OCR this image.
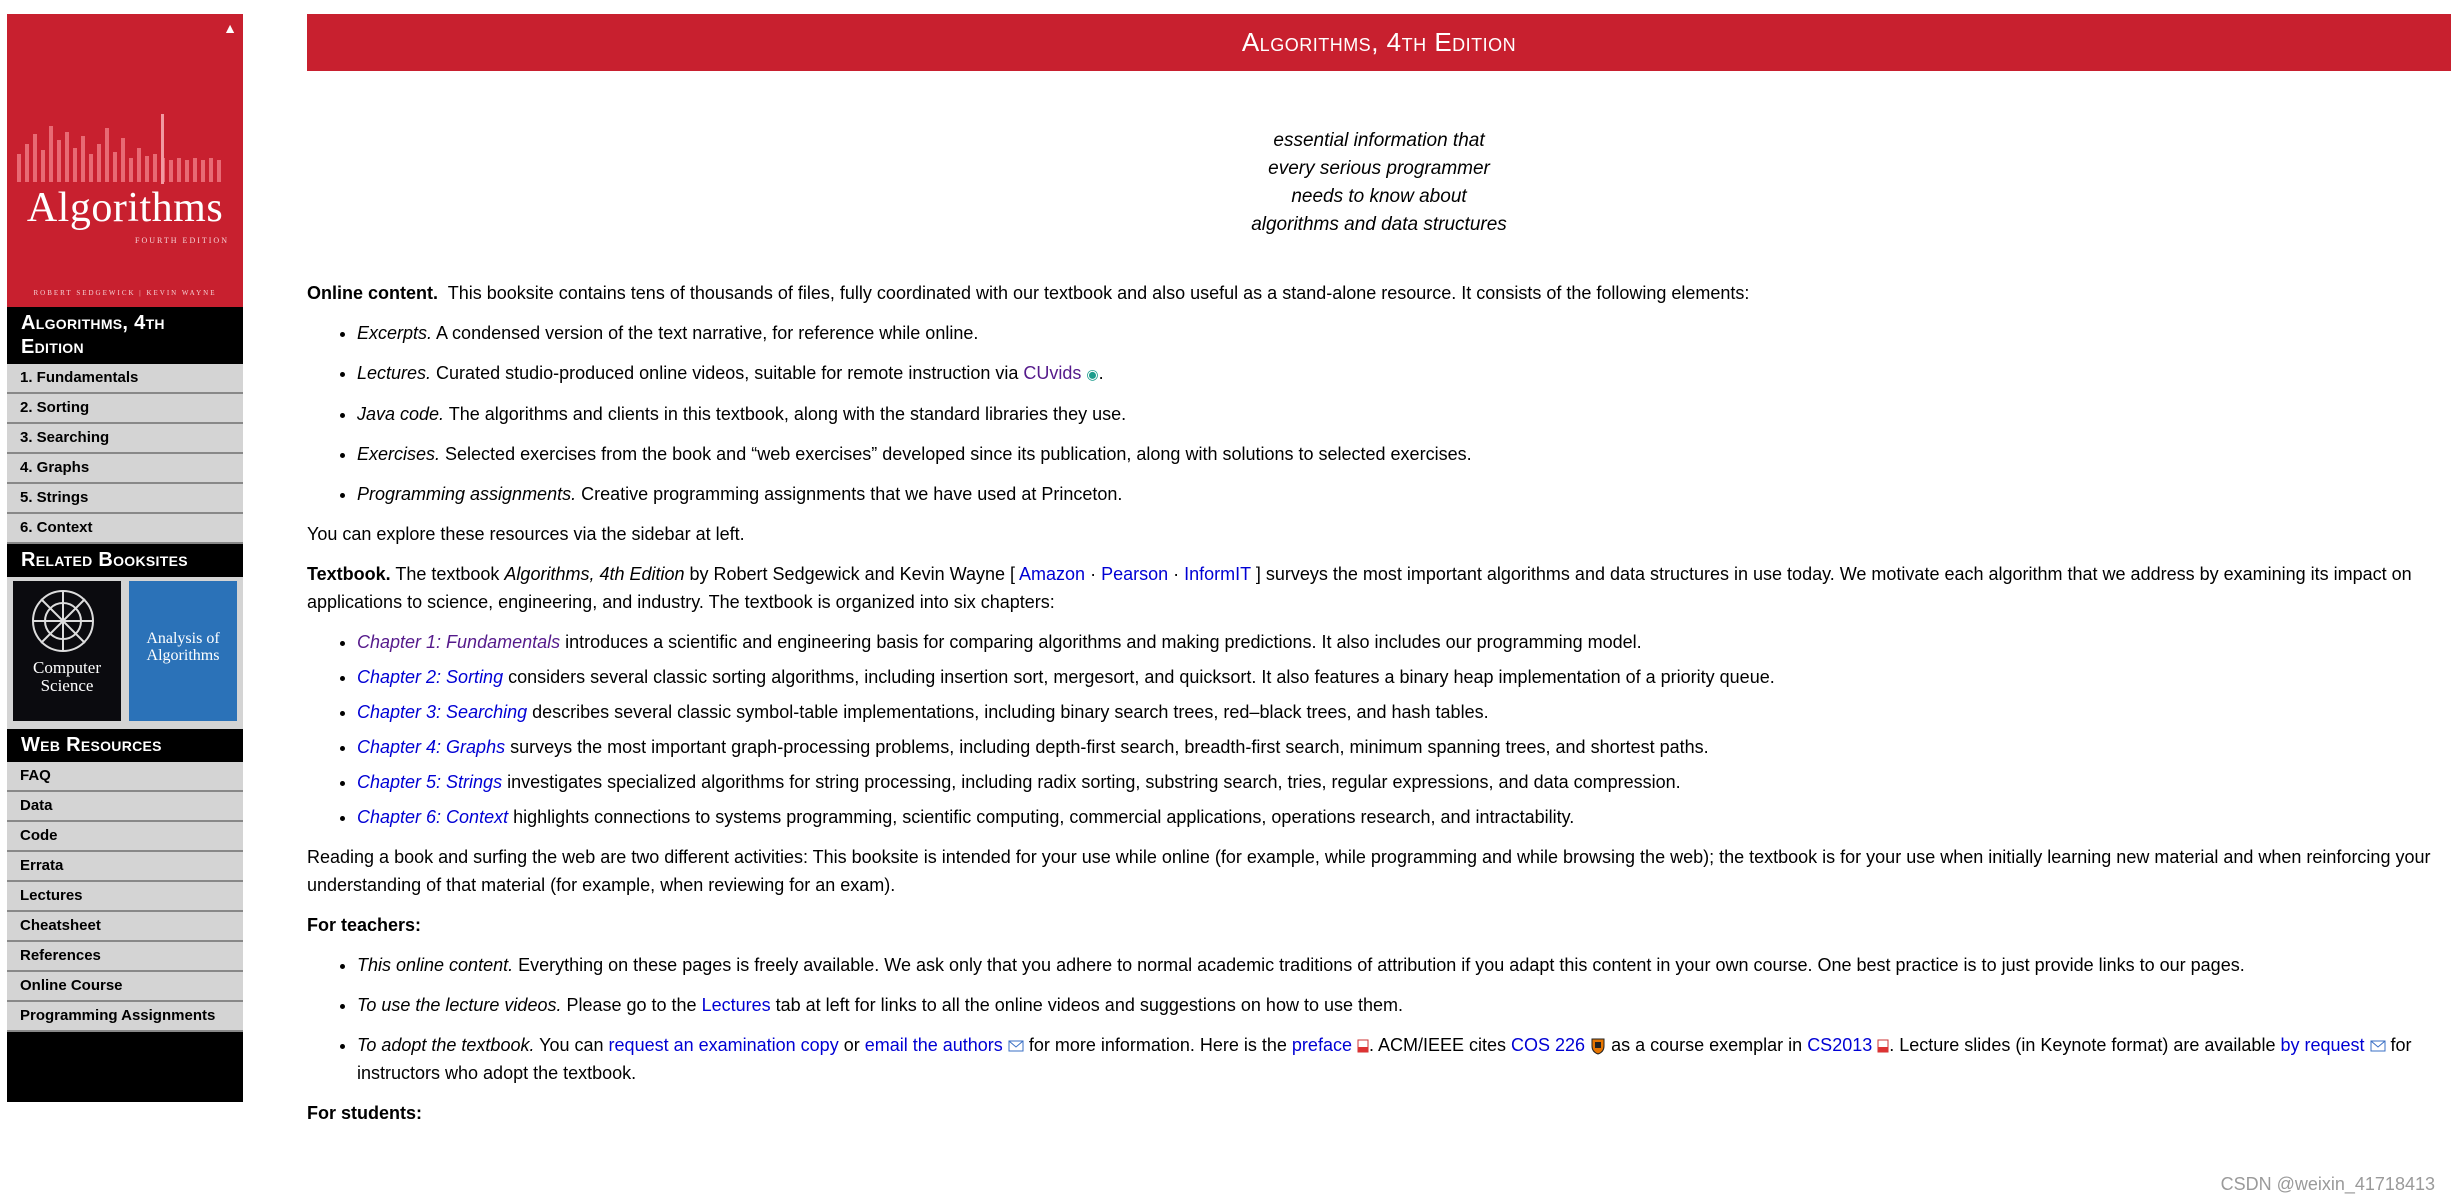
▲
Algorithms
FOURTH EDITION
ROBERT SEDGEWICK | KEVIN WAYNE
Algorithms, 4th Edition
1. Fundamentals
2. Sorting
3. Searching
4. Graphs
5. Strings
6. Context
Related Booksites
Computer Science
Analysis of Algorithms
Web Resources
FAQ
Data
Code
Errata
Lectures
Cheatsheet
References
Online Course
Programming Assignments
Algorithms, 4th Edition
essential information that
every serious programmer
needs to know about
algorithms and data structures

Online content. This booksite contains tens of thousands of files, fully coordinated with our textbook and also useful as a stand-alone resource. It consists of the following elements:

• Excerpts. A condensed version of the text narrative, for reference while online.
• Lectures. Curated studio-produced online videos, suitable for remote instruction via CUvids ◉.
• Java code. The algorithms and clients in this textbook, along with the standard libraries they use.
• Exercises. Selected exercises from the book and “web exercises” developed since its publication, along with solutions to selected exercises.
• Programming assignments. Creative programming assignments that we have used at Princeton.

You can explore these resources via the sidebar at left.

Textbook. The textbook Algorithms, 4th Edition by Robert Sedgewick and Kevin Wayne [ Amazon · Pearson · InformIT ] surveys the most important algorithms and data structures in use today. We motivate each algorithm that we address by examining its impact on applications to science, engineering, and industry. The textbook is organized into six chapters:

• Chapter 1: Fundamentals introduces a scientific and engineering basis for comparing algorithms and making predictions. It also includes our programming model.
• Chapter 2: Sorting considers several classic sorting algorithms, including insertion sort, mergesort, and quicksort. It also features a binary heap implementation of a priority queue.
• Chapter 3: Searching describes several classic symbol-table implementations, including binary search trees, red–black trees, and hash tables.
• Chapter 4: Graphs surveys the most important graph-processing problems, including depth-first search, breadth-first search, minimum spanning trees, and shortest paths.
• Chapter 5: Strings investigates specialized algorithms for string processing, including radix sorting, substring search, tries, regular expressions, and data compression.
• Chapter 6: Context highlights connections to systems programming, scientific computing, commercial applications, operations research, and intractability.

Reading a book and surfing the web are two different activities: This booksite is intended for your use while online (for example, while programming and while browsing the web); the textbook is for your use when initially learning new material and when reinforcing your understanding of that material (for example, when reviewing for an exam).

For teachers:

• This online content. Everything on these pages is freely available. We ask only that you adhere to normal academic traditions of attribution if you adapt this content in your own course. One best practice is to just provide links to our pages.
• To use the lecture videos. Please go to the Lectures tab at left for links to all the online videos and suggestions on how to use them.
• To adopt the textbook. You can request an examination copy or email the authors  for more information. Here is the preface . ACM/IEEE cites COS 226  as a course exemplar in CS2013 . Lecture slides (in Keynote format) are available by request  for instructors who adopt the textbook.

For students:

CSDN @weixin_41718413
